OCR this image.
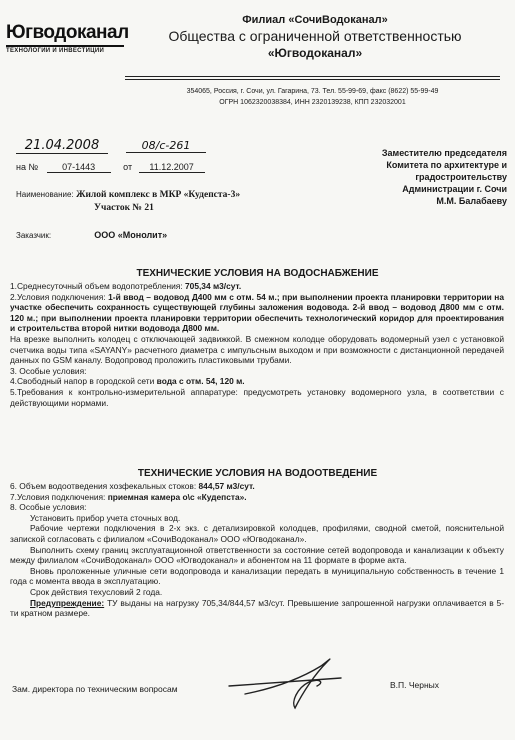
Югводоканал
ТЕХНОЛОГИИ И ИНВЕСТИЦИИ
Филиал «СочиВодоканал»
Общества с ограниченной ответственностью
«Югводоканал»
354065, Россия, г. Сочи, ул. Гагарина, 73. Тел. 55-99-69, факс (8622) 55-99-49
ОГРН 1062320038384, ИНН 2320139238, КПП 232032001
21.04.2008	08/с-261
на №	07-1443	от 11.12.2007
Заместителю председателя
Комитета по архитектуре и
градостроительству
Администрации г. Сочи
М.М. Балабаеву
Наименование: Жилой комплекс в МКР «Кудепста-3»
Участок № 21
Заказчик:	ООО «Монолит»
ТЕХНИЧЕСКИЕ УСЛОВИЯ НА ВОДОСНАБЖЕНИЕ

1.Среднесуточный объем водопотребления: 705,34 м3/сут.

2.Условия подключения: 1-й ввод – водовод Д400 мм с отм. 54 м.; при выполнении проекта планировки территории на участке обеспечить сохранность существующей глубины заложения водовода. 2-й ввод – водовод Д800 мм с отм. 120 м.; при выполнении проекта планировки территории обеспечить технологический коридор для проектирования и строительства второй нитки водовода Д800 мм.

На врезке выполнить колодец с отключающей задвижкой. В смежном колодце оборудовать водомерный узел с установкой счетчика воды типа «SAYANY» расчетного диаметра с импульсным выходом и при возможности с дистанционной передачей данных по GSM каналу. Водопровод проложить пластиковыми трубами.

3. Особые условия:

4.Свободный напор в городской сети вода с отм. 54, 120 м.

5.Требования к контрольно-измерительной аппаратуре: предусмотреть установку водомерного узла, в соответствии с действующими нормами.

ТЕХНИЧЕСКИЕ УСЛОВИЯ НА ВОДООТВЕДЕНИЕ

6. Объем водоотведения хозфекальных стоков: 844,57 м3/сут.

7.Условия подключения: приемная камера о\с «Кудепста».

8. Особые условия:

Установить прибор учета сточных вод.

Рабочие чертежи подключения в 2-х экз. с детализировкой колодцев, профилями, сводной сметой, пояснительной запиской согласовать с филиалом «СочиВодоканал» ООО «Югводоканал».

Выполнить схему границ эксплуатационной ответственности за состояние сетей водопровода и канализации к объекту между филиалом «СочиВодоканал» ООО «Югводоканал» и абонентом на 11 формате в форме акта.

Вновь проложенные уличные сети водопровода и канализации передать в муниципальную собственность в течение 1 года с момента ввода в эксплуатацию.

Срок действия техусловий 2 года.

Предупреждение: ТУ выданы на нагрузку 705,34/844,57 м3/сут. Превышение запрошенной нагрузки оплачивается в 5-ти кратном размере.

Зам. директора по техническим вопросам	В.П. Черных
